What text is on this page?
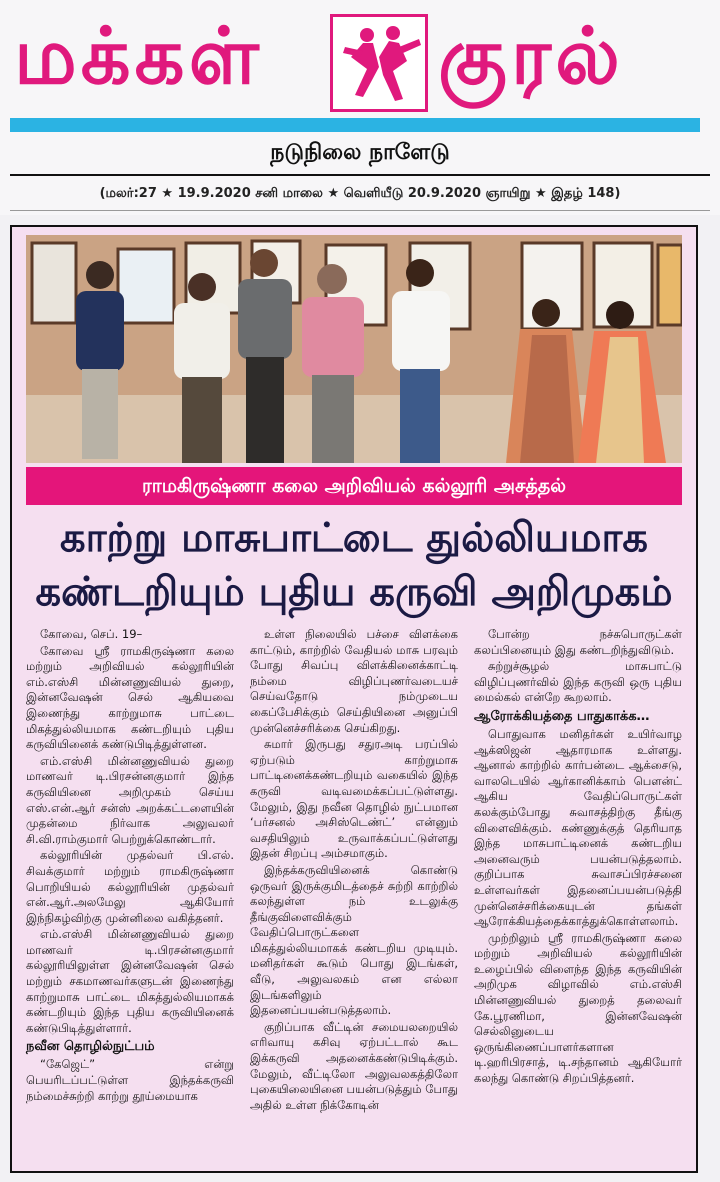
மக்கள் குரல்
நடுநிலை நாளேடு
(மலர்:27 ★ 19.9.2020 சனி மாலை ★ வெளியீடு 20.9.2020 ஞாயிறு ★ இதழ் 148)
ராமகிருஷ்ணா கலை அறிவியல் கல்லூரி அசத்தல்
காற்று மாசுபாட்டை துல்லியமாக
கண்டறியும் புதிய கருவி அறிமுகம்

கோவை, செப். 19–

கோவை ஸ்ரீ ராமகிருஷ்ணா கலை மற்றும் அறிவியல் கல்லூரியின் எம்.எஸ்சி மின்னணுவியல் துறை, இன்னவேஷன் செல் ஆகியவை இணைந்து காற்றுமாசு பாட்டை மிகத்துல்லியமாக கண்டறியும் புதிய கருவியினைக் கண்டுபிடித்துள்ளன.

எம்.எஸ்சி மின்னணுவியல் துறை மாணவர் டி.பிரசன்னகுமார் இந்த கருவியினை அறிமுகம் செய்ய எஸ்.என்.ஆர் சன்ஸ் அறக்கட்டளையின் முதன்மை நிர்வாக அலுவலர் சி.வி.ராம்குமார் பெற்றுக்கொண்டார்.

கல்லூரியின் முதல்வர் பி.எல். சிவக்குமார் மற்றும் ராமகிருஷ்ணா பொறியியல் கல்லூரியின் முதல்வர் என்.ஆர்.அலமேலு ஆகியோர் இந்நிகழ்விற்கு முன்னிலை வகித்தனர்.

எம்.எஸ்சி மின்னணுவியல் துறை மாணவர் டி.பிரசன்னகுமார் கல்லூரியிலுள்ள இன்னவேஷன் செல் மற்றும் சகமாணவர்களுடன் இணைந்து காற்றுமாசு பாட்டை மிகத்துல்லியமாகக் கண்டறியும் இந்த புதிய கருவியினைக் கண்டுபிடித்துள்ளார்.

நவீன தொழில்நுட்பம்

“கேஜெட்” என்று பெயரிடப்பட்டுள்ள இந்தக்கருவி நம்மைச்சுற்றி காற்று தூய்மையாக

உள்ள நிலையில் பச்சை விளக்கை காட்டும், காற்றில் வேதியல் மாசு பரவும் போது சிவப்பு விளக்கினைக்காட்டி நம்மை விழிப்புணர்வடையச் செய்வதோடு நம்முடைய கைப்பேசிக்கும் செய்தியினை அனுப்பி முன்னெச்சரிக்கை செய்கிறது.

சுமார் இருபது சதுரஅடி பரப்பில் ஏற்படும் காற்றுமாசு பாட்டினைக்கண்டறியும் வகையில் இந்த கருவி வடிவமைக்கப்பட்டுள்ளது. மேலும், இது நவீன தொழில் நுட்பமான ‘பர்சனல் அசிஸ்டெண்ட்’ என்னும் வசதியிலும் உருவாக்கப்பட்டுள்ளது இதன் சிறப்பு அம்சமாகும்.

இந்தக்கருவியினைக் கொண்டு ஒருவர் இருக்குமிடத்தைச் சுற்றி காற்றில் கலந்துள்ள நம் உடலுக்கு தீங்குவிளைவிக்கும் வேதிப்பொருட்களை மிகத்துல்லியமாகக் கண்டறிய முடியும். மனிதர்கள் கூடும் பொது இடங்கள், வீடு, அலுவலகம் என எல்லா இடங்களிலும் இதனைப்பயன்படுத்தலாம்.

குறிப்பாக வீட்டின் சமையலறையில் எரிவாயு கசிவு ஏற்பட்டால் கூட இக்கருவி அதனைக்கண்டுபிடிக்கும். மேலும், வீட்டிலோ அலுவலகத்திலோ புகையிலையினை பயன்படுத்தும் போது அதில் உள்ள நிக்கோடின்

போன்ற நச்சுபொருட்கள் கலப்பினையும் இது கண்டறிந்துவிடும்.

சுற்றுச்சூழல் மாசுபாட்டு விழிப்புணர்வில் இந்த கருவி ஒரு புதிய மைல்கல் என்றே கூறலாம்.

ஆரோக்கியத்தை பாதுகாக்க…

பொதுவாக மனிதர்கள் உயிர்வாழ ஆக்ஸிஜன் ஆதாரமாக உள்ளது. ஆனால் காற்றில் கார்பன்டை ஆக்சைடு, வாலடெயில் ஆர்கானிக்காம் பௌன்ட் ஆகிய வேதிப்பொருட்கள் கலக்கும்போது சுவாசத்திற்கு தீங்கு விளைவிக்கும். கண்ணுக்குத் தெரியாத இந்த மாசுபாட்டினைக் கண்டறிய அனைவரும் பயன்படுத்தலாம். குறிப்பாக சுவாசப்பிரச்சனை உள்ளவர்கள் இதனைப்பயன்படுத்தி முன்னெச்சரிக்கையுடன் தங்கள் ஆரோக்கியத்தைக்காத்துக்கொள்ளலாம்.

முற்றிலும் ஸ்ரீ ராமகிருஷ்ணா கலை மற்றும் அறிவியல் கல்லூரியின் உழைப்பில் விளைந்த இந்த கருவியின் அறிமுக விழாவில் எம்.எஸ்சி மின்னணுவியல் துறைத் தலைவர் கே.பூரணிமா, இன்னவேஷன் செல்லினுடைய ஒருங்கிணைப்பாளர்களான டி.ஹரிபிரசாத், டி.சந்தானம் ஆகியோர் கலந்து கொண்டு சிறப்பித்தனர்.
